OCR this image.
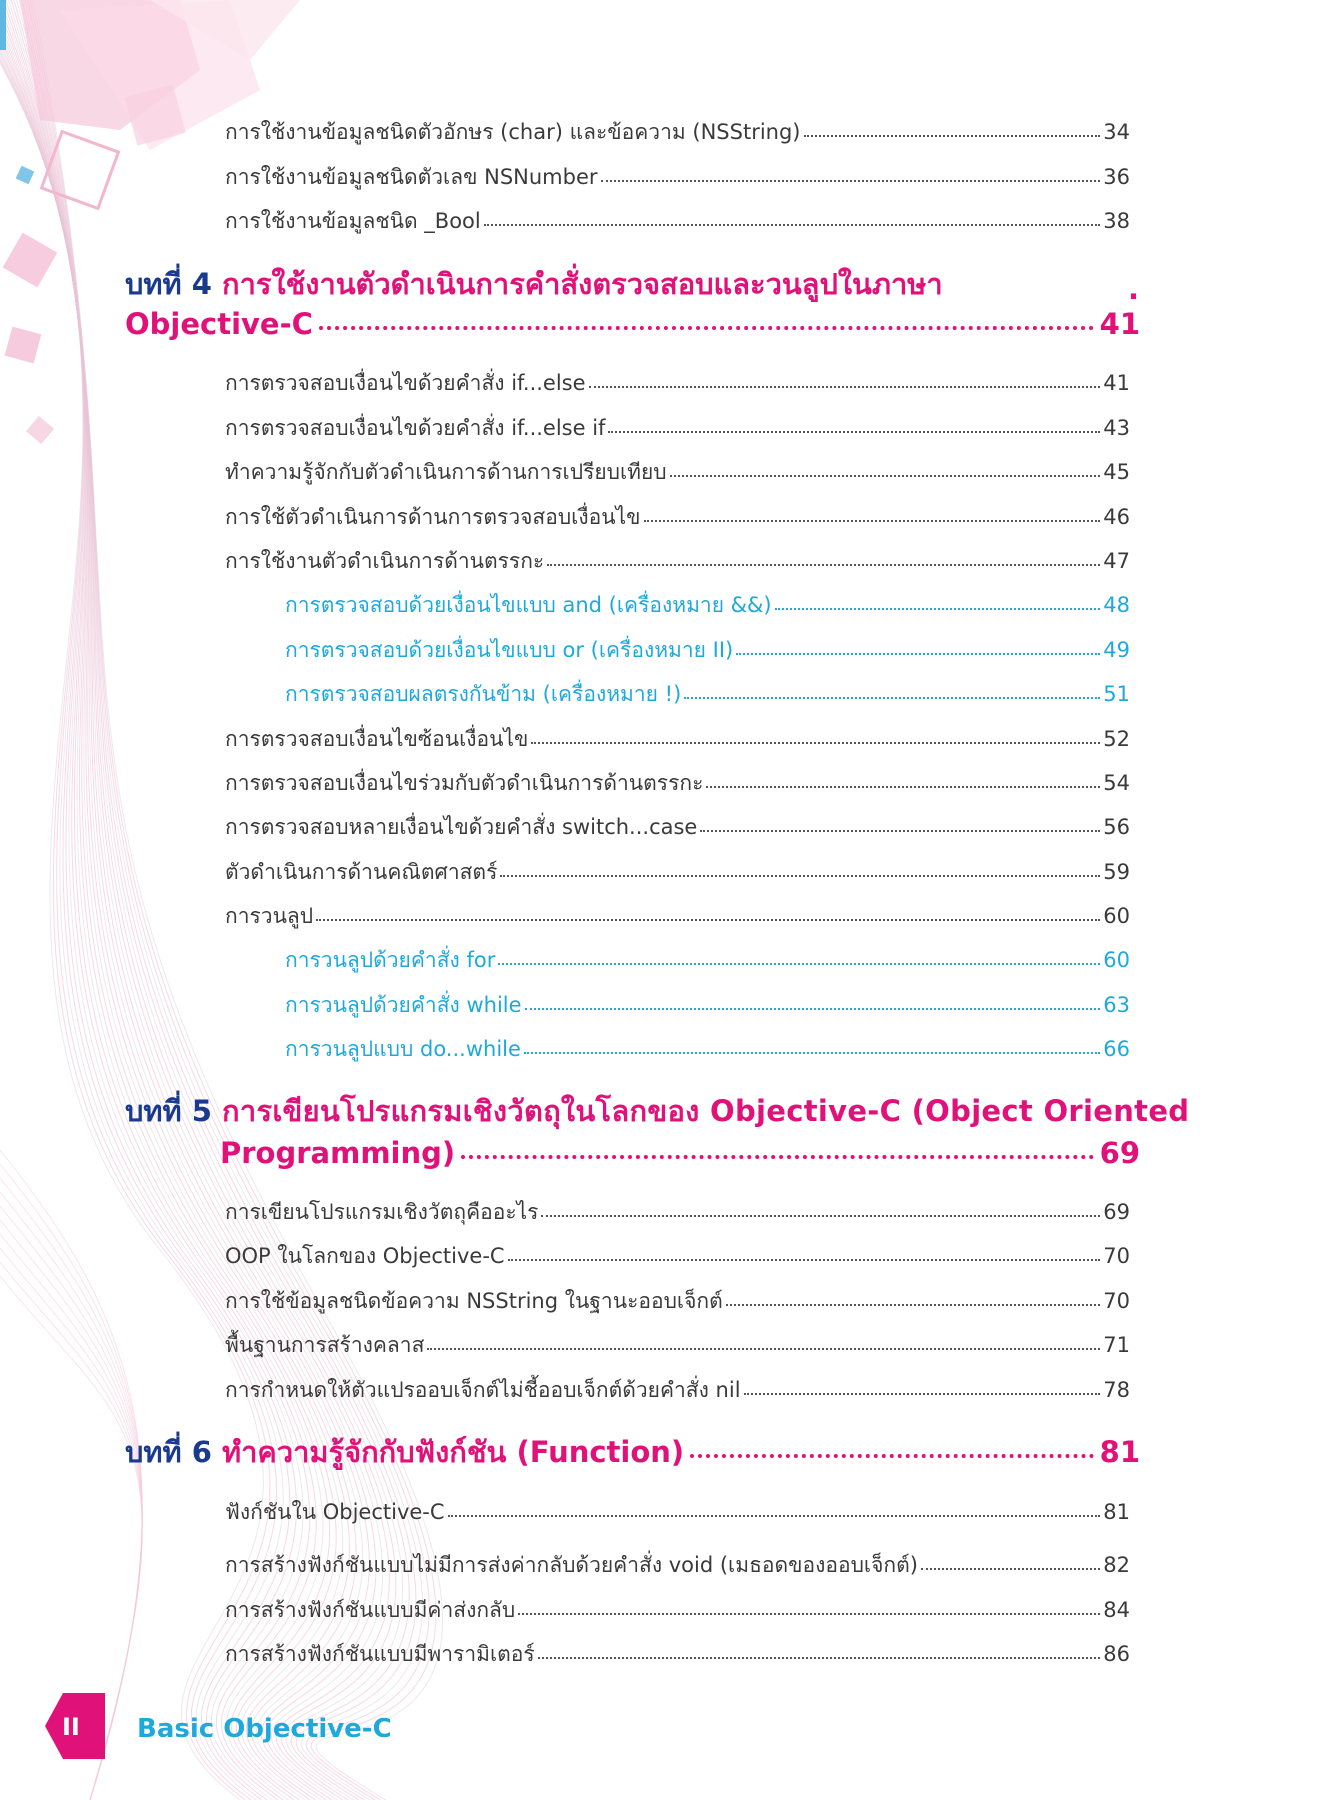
การใช้งานข้อมูลชนิดตัวอักษร (char) และข้อความ (NSString)	34
การใช้งานข้อมูลชนิดตัวเลข NSNumber	36
การใช้งานข้อมูลชนิด _Bool	38
บทที่ 4 การใช้งานตัวดำเนินการคำสั่งตรวจสอบและวนลูปในภาษา	.
Objective-C	41
การตรวจสอบเงื่อนไขด้วยคำสั่ง if...else	41
การตรวจสอบเงื่อนไขด้วยคำสั่ง if...else if	43
ทำความรู้จักกับตัวดำเนินการด้านการเปรียบเทียบ	45
การใช้ตัวดำเนินการด้านการตรวจสอบเงื่อนไข	46
การใช้งานตัวดำเนินการด้านตรรกะ	47
การตรวจสอบด้วยเงื่อนไขแบบ and (เครื่องหมาย &&)	48
การตรวจสอบด้วยเงื่อนไขแบบ or (เครื่องหมาย II)	49
การตรวจสอบผลตรงกันข้าม (เครื่องหมาย !)	51
การตรวจสอบเงื่อนไขซ้อนเงื่อนไข	52
การตรวจสอบเงื่อนไขร่วมกับตัวดำเนินการด้านตรรกะ	54
การตรวจสอบหลายเงื่อนไขด้วยคำสั่ง switch...case	56
ตัวดำเนินการด้านคณิตศาสตร์	59
การวนลูป	60
การวนลูปด้วยคำสั่ง for	60
การวนลูปด้วยคำสั่ง while	63
การวนลูปแบบ do...while	66
บทที่ 5 การเขียนโปรแกรมเชิงวัตถุในโลกของ Objective-C (Object Oriented
Programming)	69
การเขียนโปรแกรมเชิงวัตถุคืออะไร	69
OOP ในโลกของ Objective-C	70
การใช้ข้อมูลชนิดข้อความ NSString ในฐานะออบเจ็กต์	70
พื้นฐานการสร้างคลาส	71
การกำหนดให้ตัวแปรออบเจ็กต์ไม่ชี้ออบเจ็กต์ด้วยคำสั่ง nil	78
บทที่ 6 ทำความรู้จักกับฟังก์ชัน (Function)	81
ฟังก์ชันใน Objective-C	81
การสร้างฟังก์ชันแบบไม่มีการส่งค่ากลับด้วยคำสั่ง void (เมธอดของออบเจ็กต์)	82
การสร้างฟังก์ชันแบบมีค่าส่งกลับ	84
การสร้างฟังก์ชันแบบมีพารามิเตอร์	86
II Basic Objective-C
